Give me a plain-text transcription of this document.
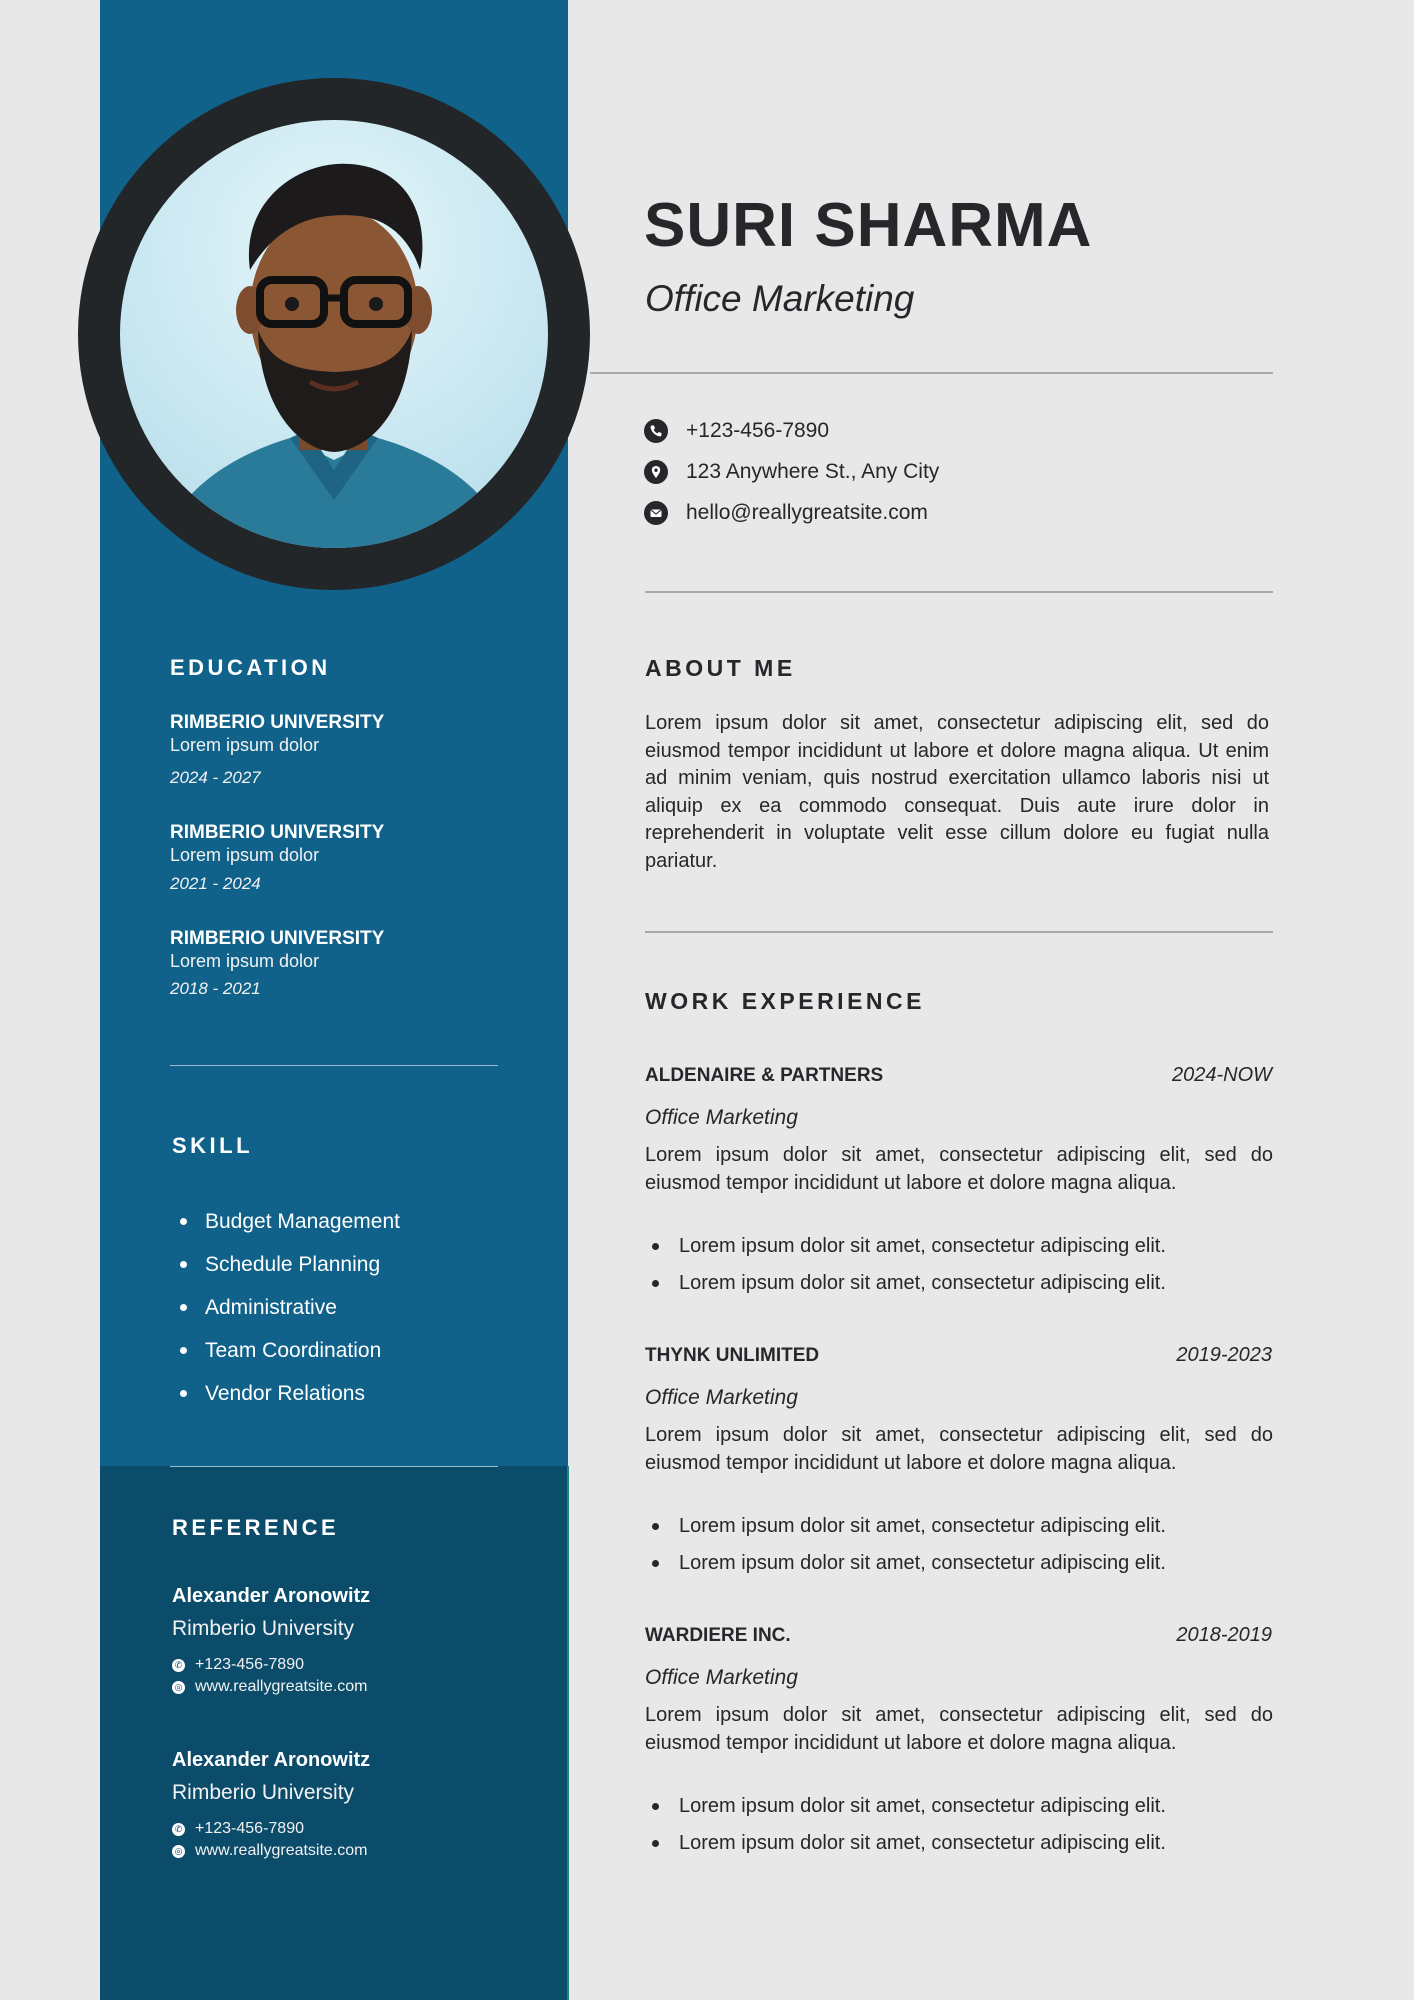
EDUCATION
RIMBERIO UNIVERSITY
Lorem ipsum dolor
2024 - 2027
RIMBERIO UNIVERSITY
Lorem ipsum dolor
2021 - 2024
RIMBERIO UNIVERSITY
Lorem ipsum dolor
2018 - 2021
SKILL
Budget Management
Schedule Planning
Administrative
Team Coordination
Vendor Relations
REFERENCE
Alexander Aronowitz
Rimberio University
✆ +123-456-7890
◎ www.reallygreatsite.com
Alexander Aronowitz
Rimberio University
✆ +123-456-7890
◎ www.reallygreatsite.com
SURI SHARMA
Office Marketing
+123-456-7890
123 Anywhere St., Any City
hello@reallygreatsite.com
ABOUT ME
Lorem ipsum dolor sit amet, consectetur adipiscing elit, sed do eiusmod tempor incididunt ut labore et dolore magna aliqua. Ut enim ad minim veniam, quis nostrud exercitation ullamco laboris nisi ut aliquip ex ea commodo consequat. Duis aute irure dolor in reprehenderit in voluptate velit esse cillum dolore eu fugiat nulla pariatur.
WORK EXPERIENCE
ALDENAIRE & PARTNERS	2024-NOW
Office Marketing
Lorem ipsum dolor sit amet, consectetur adipiscing elit, sed do eiusmod tempor incididunt ut labore et dolore magna aliqua.
Lorem ipsum dolor sit amet, consectetur adipiscing elit.
Lorem ipsum dolor sit amet, consectetur adipiscing elit.
THYNK UNLIMITED	2019-2023
Office Marketing
Lorem ipsum dolor sit amet, consectetur adipiscing elit, sed do eiusmod tempor incididunt ut labore et dolore magna aliqua.
Lorem ipsum dolor sit amet, consectetur adipiscing elit.
Lorem ipsum dolor sit amet, consectetur adipiscing elit.
WARDIERE INC.	2018-2019
Office Marketing
Lorem ipsum dolor sit amet, consectetur adipiscing elit, sed do eiusmod tempor incididunt ut labore et dolore magna aliqua.
Lorem ipsum dolor sit amet, consectetur adipiscing elit.
Lorem ipsum dolor sit amet, consectetur adipiscing elit.
